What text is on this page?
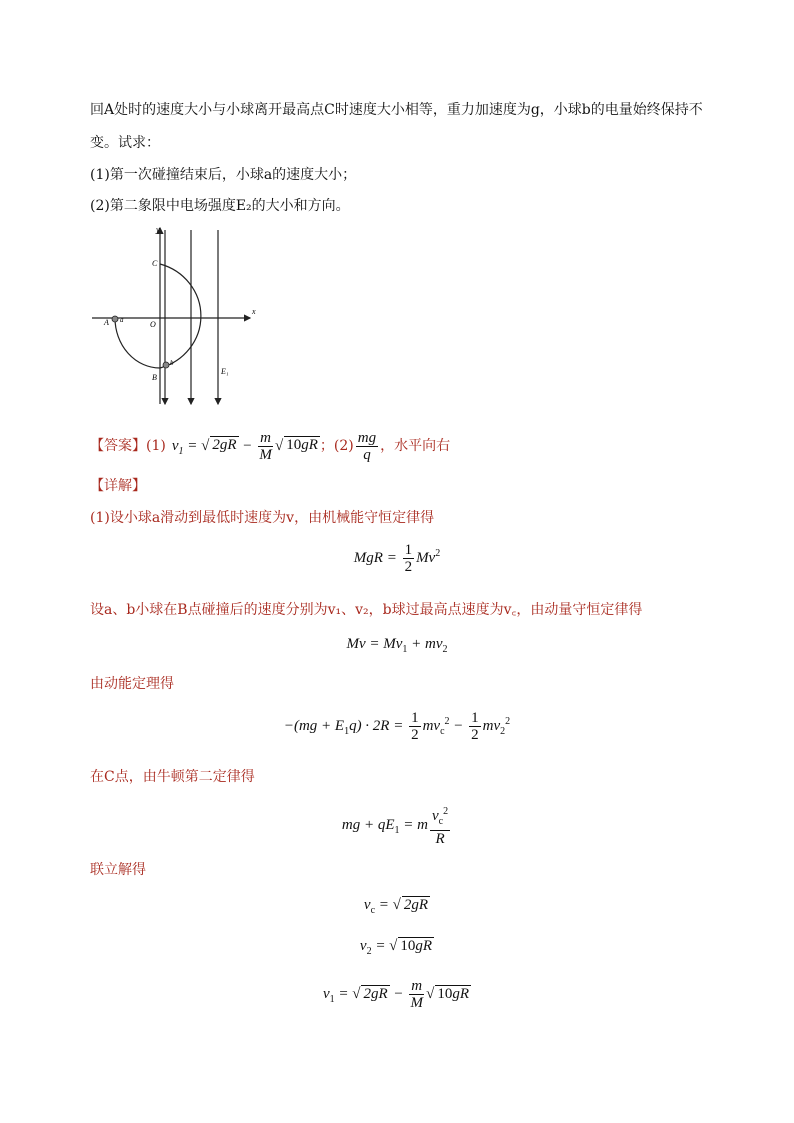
回A处时的速度大小与小球离开最高点C时速度大小相等，重力加速度为g，小球b的电量始终保持不
变。试求：
(1)第一次碰撞结束后，小球a的速度大小；
(2)第二象限中电场强度E₂的大小和方向。
y
x
C
A a	O
b
B
E₁
【答案】 (1) $v_1$ = √ $2gR - \frac{m}{M}$ √ 10gR ；$(2) \frac{mg}{q}$ ，水平向右
【详解】
(1)设小球a滑动到最低时速度为v，由机械能守恒定律得
MgR = $\frac{1}{2} Mv^2$
设a、b小球在B点碰撞后的速度分别为v₁、v₂，b球过最高点速度为v꜀，由动量守恒定律得
$Mv = Mv_1 + mv_2$
由动能定理得
$-(mg + E_1q) \cdot 2R = \frac{1}{2} mv_c^2 - \frac{1}{2} mv_2^2$
在C点，由牛顿第二定律得
mg + $qE_1 = m \frac{v_c^2}{R}$
联立解得
$v_c$ = √ 2gR
$v_2$ = √ 10gR
$v_1$ = √ $2gR - \frac{m}{M}$ √ 10gR
